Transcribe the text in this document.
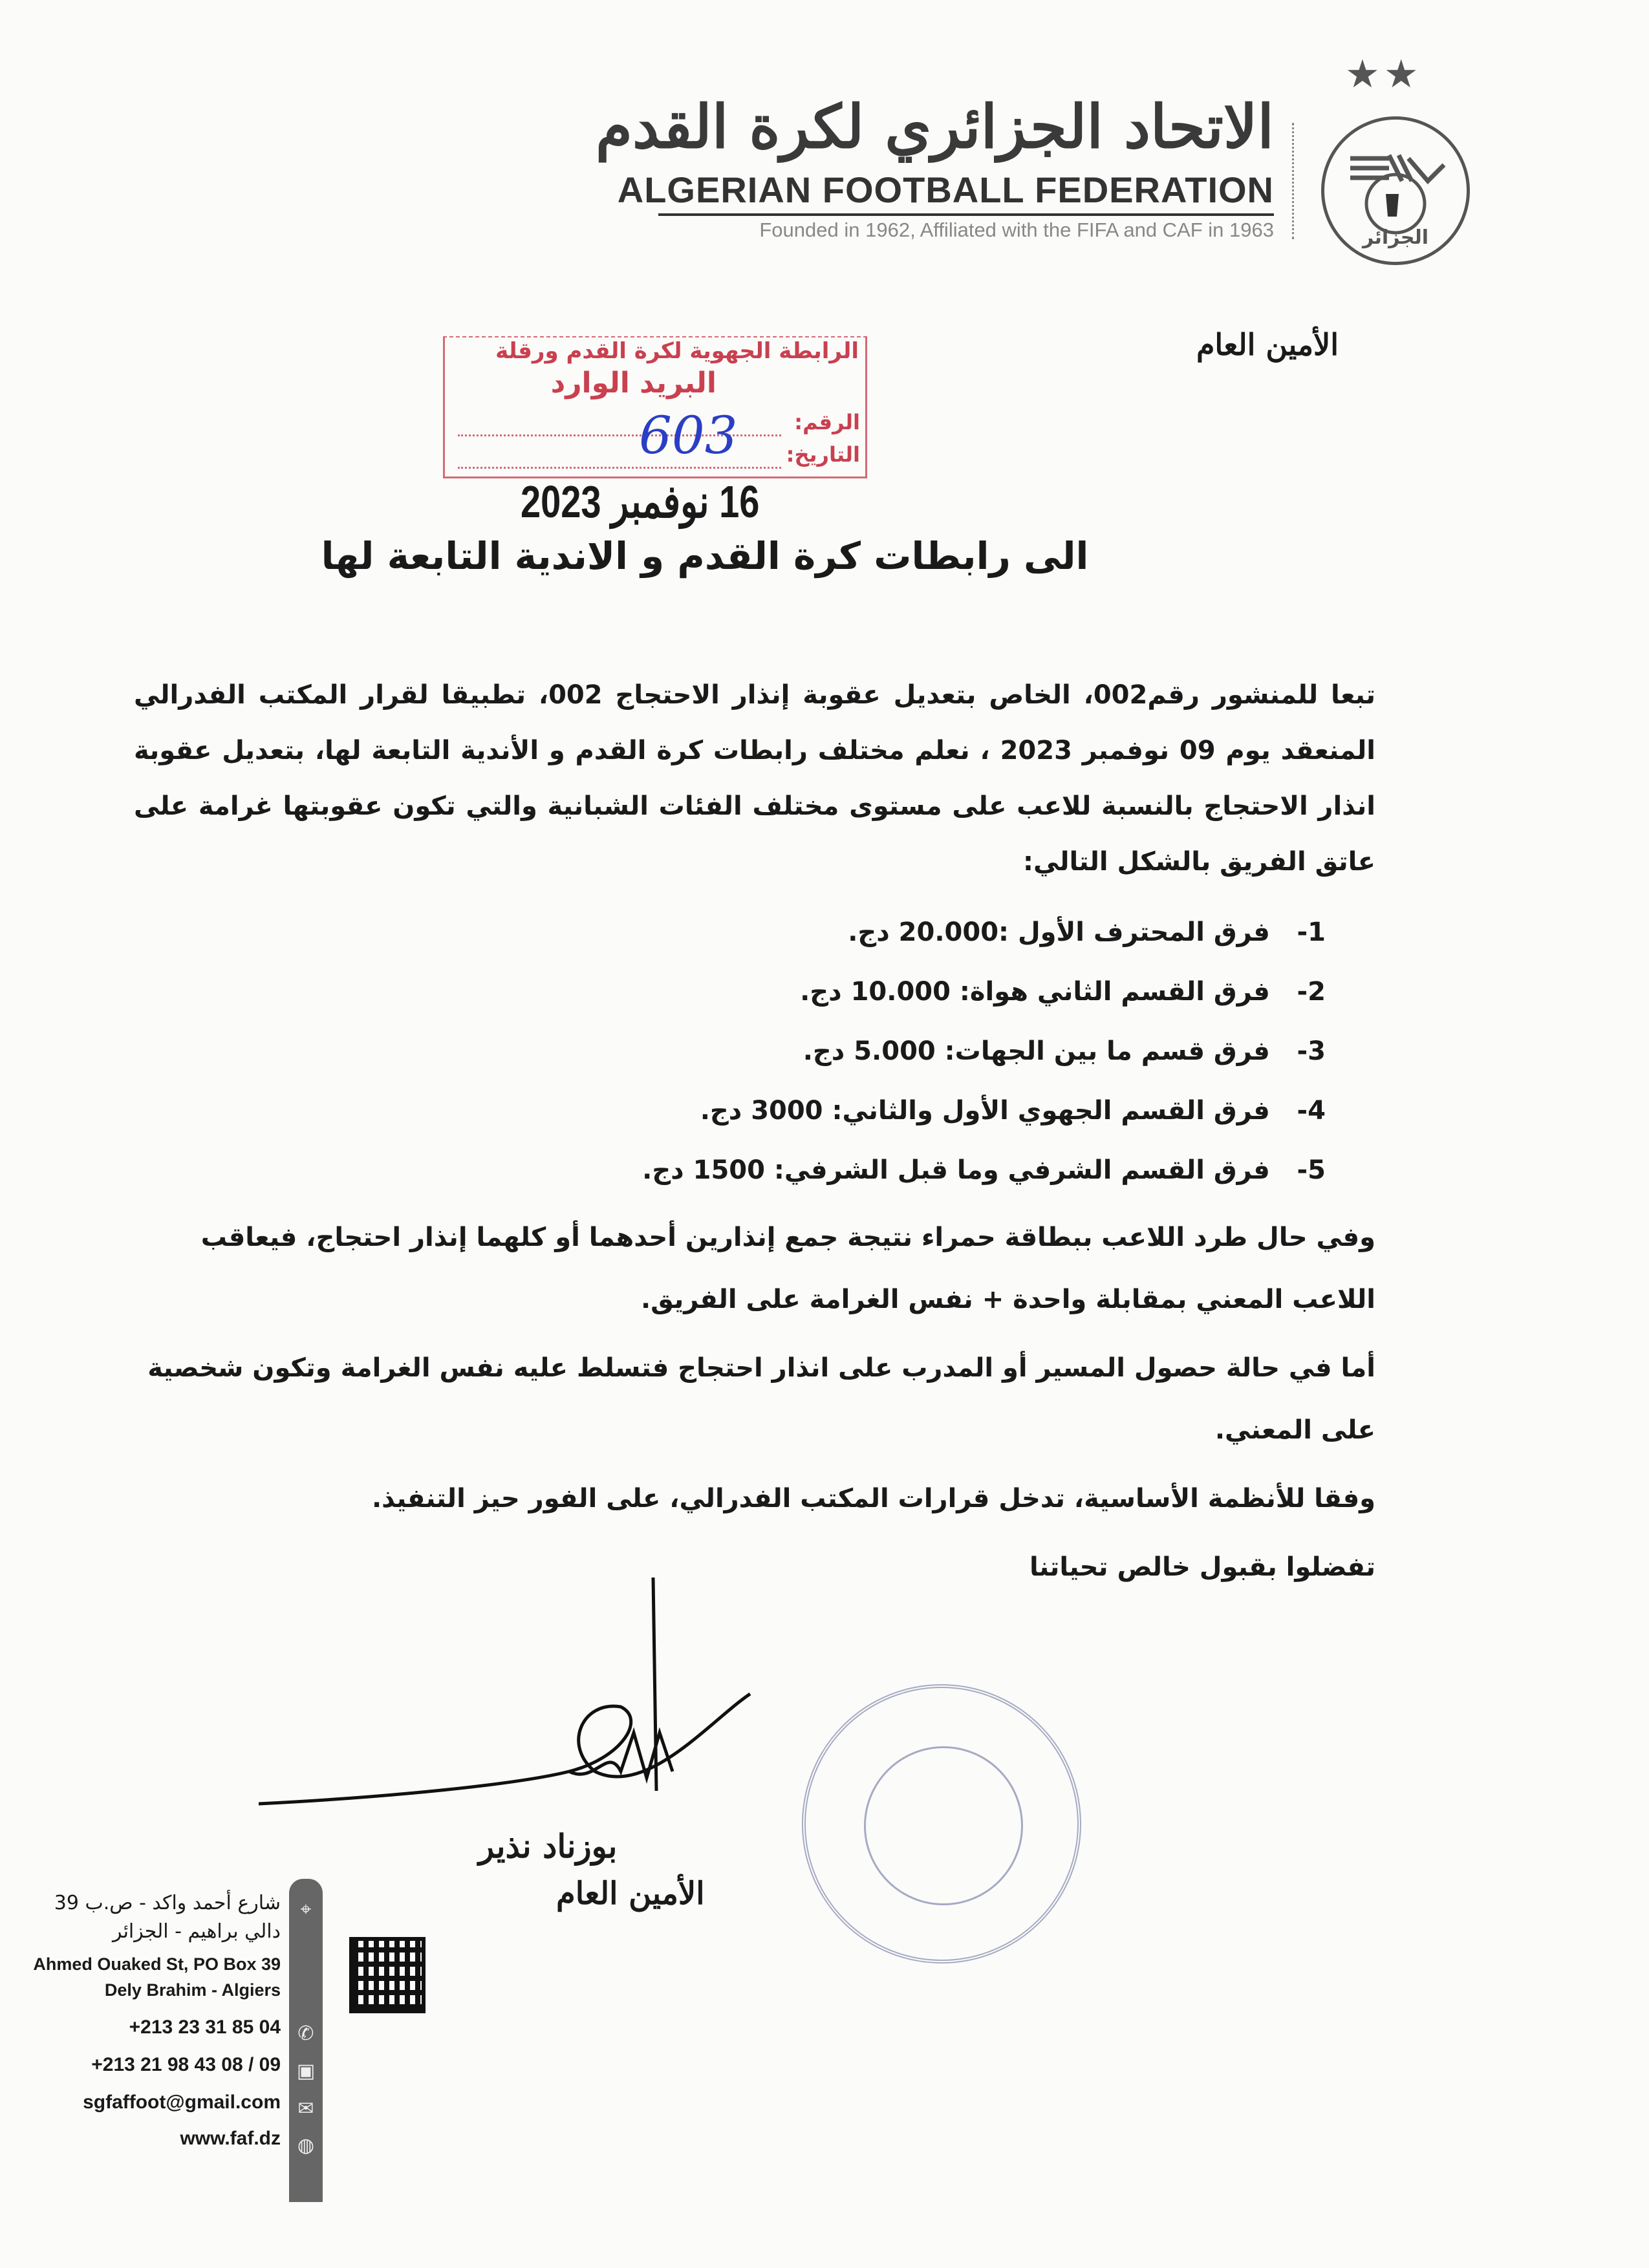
الاتحاد الجزائري لكرة القدم
ALGERIAN FOOTBALL FEDERATION
Founded in 1962, Affiliated with the FIFA and CAF in 1963
★★
الجزائر
الأمين العام
الرابطة الجهوية لكرة القدم ورقلة
البريد الوارد
الرقم:
التاريخ:
603
16 نوفمبر 2023
الى رابطات كرة القدم و الاندية التابعة لها
تبعا للمنشور رقم002، الخاص بتعديل عقوبة إنذار الاحتجاج 002، تطبيقا لقرار المكتب الفدرالي المنعقد يوم 09 نوفمبر 2023 ، نعلم مختلف رابطات كرة القدم و الأندية التابعة لها، بتعديل عقوبة انذار الاحتجاج بالنسبة للاعب على مستوى مختلف الفئات الشبانية والتي تكون عقوبتها غرامة على عاتق الفريق بالشكل التالي:
1-   فرق المحترف الأول :20.000 دج.
2-   فرق القسم الثاني هواة: 10.000 دج.
3-   فرق قسم ما بين الجهات: 5.000 دج.
4-   فرق القسم الجهوي الأول والثاني: 3000 دج.
5-   فرق القسم الشرفي وما قبل الشرفي: 1500 دج.
وفي حال طرد اللاعب ببطاقة حمراء نتيجة جمع إنذارين أحدهما أو كلهما إنذار احتجاج، فيعاقب اللاعب المعني بمقابلة واحدة + نفس الغرامة على الفريق.
أما في حالة حصول المسير أو المدرب على انذار احتجاج فتسلط عليه نفس الغرامة وتكون شخصية على المعني.
وفقا للأنظمة الأساسية، تدخل قرارات المكتب الفدرالي، على الفور حيز التنفيذ.
تفضلوا بقبول خالص تحياتنا
بوزناد نذير
الأمين العام
⌖
✆
▣
✉
◍
شارع أحمد واكد - ص.ب 39
دالي براهيم - الجزائر
Ahmed Ouaked St, PO Box 39
Dely Brahim - Algiers
+213 23 31 85 04
+213 21 98 43 08 / 09
sgfaffoot@gmail.com
www.faf.dz
